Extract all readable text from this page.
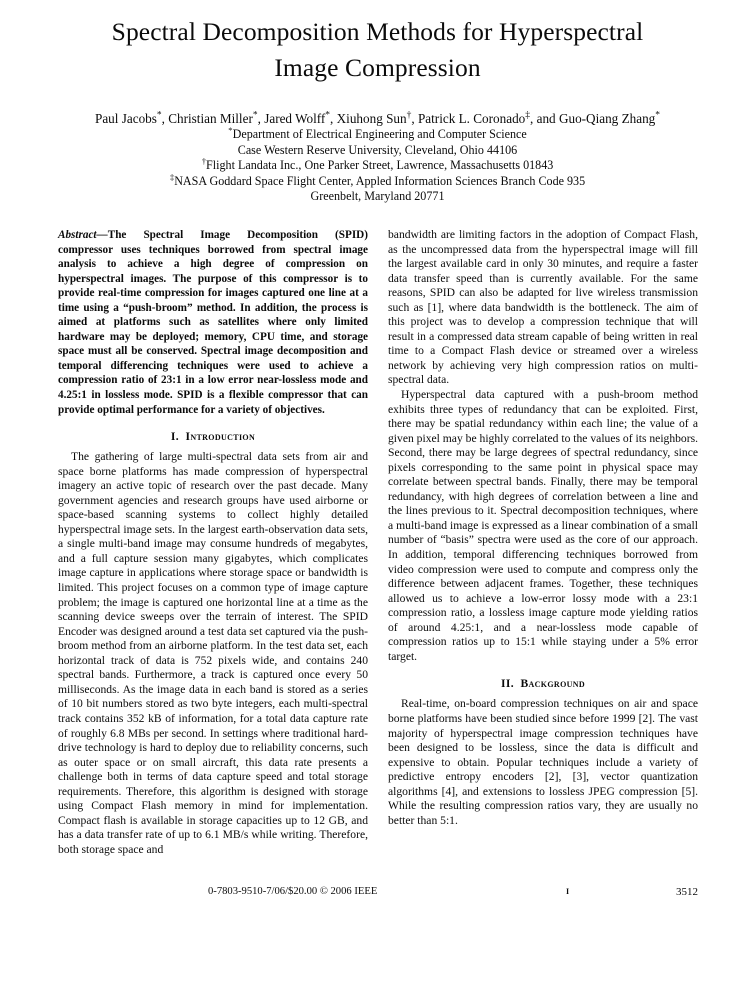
Spectral Decomposition Methods for Hyperspectral
Image Compression
Paul Jacobs*, Christian Miller*, Jared Wolff*, Xiuhong Sun†, Patrick L. Coronado‡, and Guo-Qiang Zhang*
*Department of Electrical Engineering and Computer Science
Case Western Reserve University, Cleveland, Ohio 44106
†Flight Landata Inc., One Parker Street, Lawrence, Massachusetts 01843
‡NASA Goddard Space Flight Center, Appled Information Sciences Branch Code 935
Greenbelt, Maryland 20771

Abstract—The Spectral Image Decomposition (SPID) compressor uses techniques borrowed from spectral image analysis to achieve a high degree of compression on hyperspectral images. The purpose of this compressor is to provide real-time compression for images captured one line at a time using a “push-broom” method. In addition, the process is aimed at platforms such as satellites where only limited hardware may be deployed; memory, CPU time, and storage space must all be conserved. Spectral image decomposition and temporal differencing techniques were used to achieve a compression ratio of 23:1 in a low error near-lossless mode and 4.25:1 in lossless mode. SPID is a flexible compressor that can provide optimal performance for a variety of objectives.

I. Introduction

The gathering of large multi-spectral data sets from air and space borne platforms has made compression of hyperspectral imagery an active topic of research over the past decade. Many government agencies and research groups have used airborne or space-based scanning systems to collect highly detailed hyperspectral image sets. In the largest earth-observation data sets, a single multi-band image may consume hundreds of megabytes, and a full capture session many gigabytes, which complicates image capture in applications where storage space or bandwidth is limited. This project focuses on a common type of image capture problem; the image is captured one horizontal line at a time as the scanning device sweeps over the terrain of interest. The SPID Encoder was designed around a test data set captured via the push-broom method from an airborne platform. In the test data set, each horizontal track of data is 752 pixels wide, and contains 240 spectral bands. Furthermore, a track is captured once every 50 milliseconds. As the image data in each band is stored as a series of 10 bit numbers stored as two byte integers, each multi-spectral track contains 352 kB of information, for a total data capture rate of roughly 6.8 MBs per second. In settings where traditional hard-drive technology is hard to deploy due to reliability concerns, such as outer space or on small aircraft, this data rate presents a challenge both in terms of data capture speed and total storage requirements. Therefore, this algorithm is designed with storage using Compact Flash memory in mind for implementation. Compact flash is available in storage capacities up to 12 GB, and has a data transfer rate of up to 6.1 MB/s while writing. Therefore, both storage space and

bandwidth are limiting factors in the adoption of Compact Flash, as the uncompressed data from the hyperspectral image will fill the largest available card in only 30 minutes, and require a faster data transfer speed than is currently available. For the same reasons, SPID can also be adapted for live wireless transmission such as [1], where data bandwidth is the bottleneck. The aim of this project was to develop a compression technique that will result in a compressed data stream capable of being written in real time to a Compact Flash device or streamed over a wireless network by achieving very high compression ratios on multi-spectral data.

Hyperspectral data captured with a push-broom method exhibits three types of redundancy that can be exploited. First, there may be spatial redundancy within each line; the value of a given pixel may be highly correlated to the values of its neighbors. Second, there may be large degrees of spectral redundancy, since pixels corresponding to the same point in physical space may correlate between spectral bands. Finally, there may be temporal redundancy, with high degrees of correlation between a line and the lines previous to it. Spectral decomposition techniques, where a multi-band image is expressed as a linear combination of a small number of “basis” spectra were used as the core of our approach. In addition, temporal differencing techniques borrowed from video compression were used to compute and compress only the difference between adjacent frames. Together, these techniques allowed us to achieve a low-error lossy mode with a 23:1 compression ratio, a lossless image capture mode yielding ratios of around 4.25:1, and a near-lossless mode capable of compression ratios up to 15:1 while staying under a 5% error target.

II. Background

Real-time, on-board compression techniques on air and space borne platforms have been studied since before 1999 [2]. The vast majority of hyperspectral image compression techniques have been designed to be lossless, since the data is difficult and expensive to obtain. Popular techniques include a variety of predictive entropy encoders [2], [3], vector quantization algorithms [4], and extensions to lossless JPEG compression [5]. While the resulting compression ratios vary, they are usually no better than 5:1.

0-7803-9510-7/06/$20.00 © 2006 IEEE	I	3512
